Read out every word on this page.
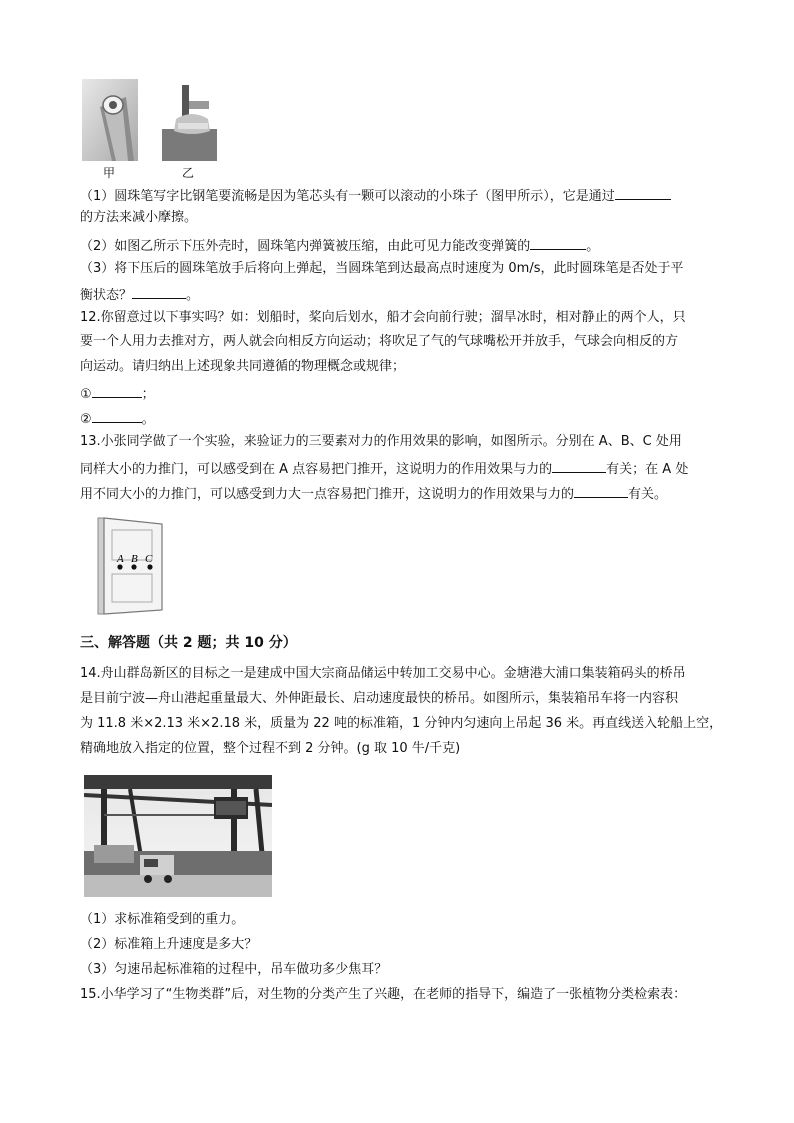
甲	乙
（1）圆珠笔写字比钢笔要流畅是因为笔芯头有一颗可以滚动的小珠子（图甲所示），它是通过
的方法来减小摩擦。
（2）如图乙所示下压外壳时，圆珠笔内弹簧被压缩，由此可见力能改变弹簧的	。
（3）将下压后的圆珠笔放手后将向上弹起，当圆珠笔到达最高点时速度为 0m/s，此时圆珠笔是否处于平
衡状态？	。
12.你留意过以下事实吗？如：划船时，桨向后划水，船才会向前行驶；溜旱冰时，相对静止的两个人，只
要一个人用力去推对方，两人就会向相反方向运动；将吹足了气的气球嘴松开并放手，气球会向相反的方
向运动。请归纳出上述现象共同遵循的物理概念或规律；
①	；
②	。
13.小张同学做了一个实验，来验证力的三要素对力的作用效果的影响，如图所示。分别在 A、B、C 处用
同样大小的力推门，可以感受到在 A 点容易把门推开，这说明力的作用效果与力的	有关；在 A 处
用不同大小的力推门，可以感受到力大一点容易把门推开，这说明力的作用效果与力的	有关。
A B C
三、解答题（共 2 题；共 10 分）
14.舟山群岛新区的目标之一是建成中国大宗商品储运中转加工交易中心。金塘港大浦口集装箱码头的桥吊
是目前宁波—舟山港起重量最大、外伸距最长、启动速度最快的桥吊。如图所示，集装箱吊车将一内容积
为 11.8 米×2.13 米×2.18 米，质量为 22 吨的标准箱，1 分钟内匀速向上吊起 36 米。再直线送入轮船上空，
精确地放入指定的位置，整个过程不到 2 分钟。(g 取 10 牛/千克)
（1）求标准箱受到的重力。
（2）标准箱上升速度是多大？
（3）匀速吊起标准箱的过程中，吊车做功多少焦耳？
15.小华学习了“生物类群”后，对生物的分类产生了兴趣，在老师的指导下，编造了一张植物分类检索表：
